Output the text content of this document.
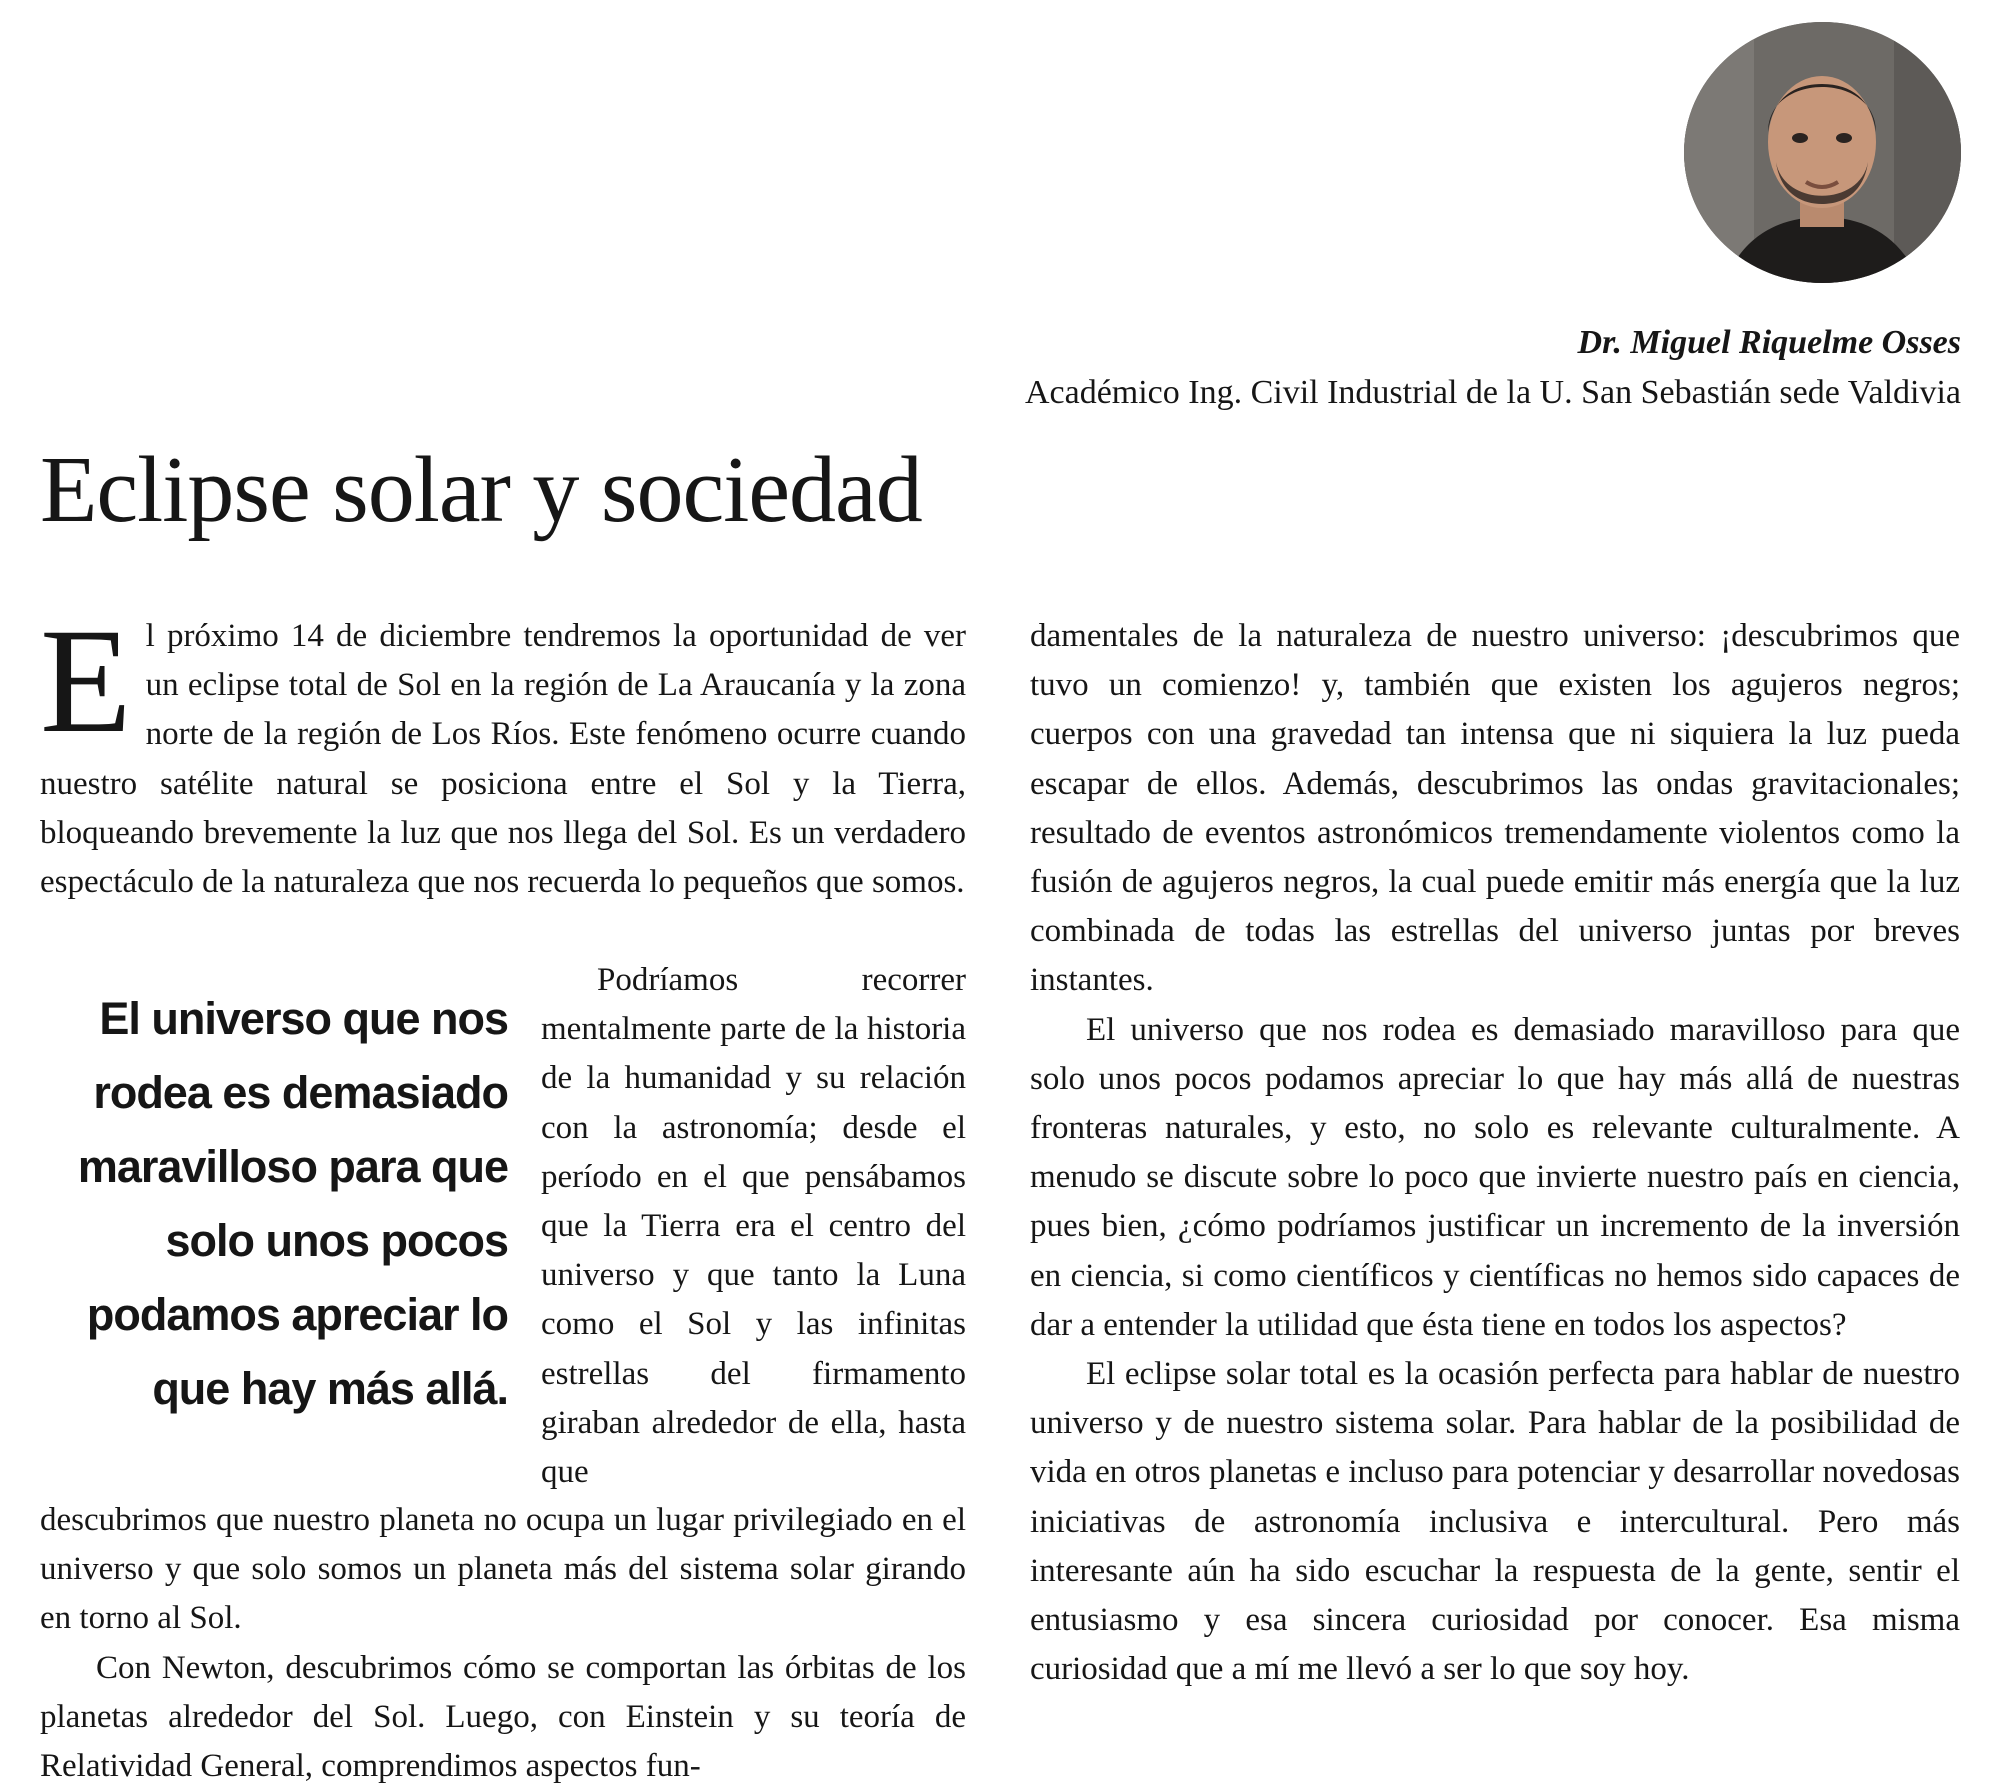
Dr. Miguel Riquelme Osses
Académico Ing. Civil Industrial de la U. San Sebastián sede Valdivia
Eclipse solar y sociedad

El próximo 14 de diciembre tendremos la oportunidad de ver un eclipse total de Sol en la región de La Araucanía y la zona norte de la región de Los Ríos. Este fenómeno ocurre cuando nuestro satélite natural se posiciona entre el Sol y la Tierra, bloqueando brevemente la luz que nos llega del Sol. Es un verdadero espectáculo de la naturaleza que nos recuerda lo pequeños que somos.

Podríamos recorrer mentalmente parte de la historia de la humanidad y su relación con la astronomía; desde el período en el que pensábamos que la Tierra era el centro del universo y que tanto la Luna como el Sol y las infinitas estrellas del firmamento giraban alrededor de ella, hasta que

El universo que nos rodea es demasiado maravilloso para que solo unos pocos podamos apreciar lo que hay más allá.

descubrimos que nuestro planeta no ocupa un lugar privilegiado en el universo y que solo somos un planeta más del sistema solar girando en torno al Sol.

Con Newton, descubrimos cómo se comportan las órbitas de los planetas alrededor del Sol. Luego, con Einstein y su teoría de Relatividad General, comprendimos aspectos fun-

damentales de la naturaleza de nuestro universo: ¡descubrimos que tuvo un comienzo! y, también que existen los agujeros negros; cuerpos con una gravedad tan intensa que ni siquiera la luz pueda escapar de ellos. Además, descubrimos las ondas gravitacionales; resultado de eventos astronómicos tremendamente violentos como la fusión de agujeros negros, la cual puede emitir más energía que la luz combinada de todas las estrellas del universo juntas por breves instantes.

El universo que nos rodea es demasiado maravilloso para que solo unos pocos podamos apreciar lo que hay más allá de nuestras fronteras naturales, y esto, no solo es relevante culturalmente. A menudo se discute sobre lo poco que invierte nuestro país en ciencia, pues bien, ¿cómo podríamos justificar un incremento de la inversión en ciencia, si como científicos y científicas no hemos sido capaces de dar a entender la utilidad que ésta tiene en todos los aspectos?

El eclipse solar total es la ocasión perfecta para hablar de nuestro universo y de nuestro sistema solar. Para hablar de la posibilidad de vida en otros planetas e incluso para potenciar y desarrollar novedosas iniciativas de astronomía inclusiva e intercultural. Pero más interesante aún ha sido escuchar la respuesta de la gente, sentir el entusiasmo y esa sincera curiosidad por conocer. Esa misma curiosidad que a mí me llevó a ser lo que soy hoy.
